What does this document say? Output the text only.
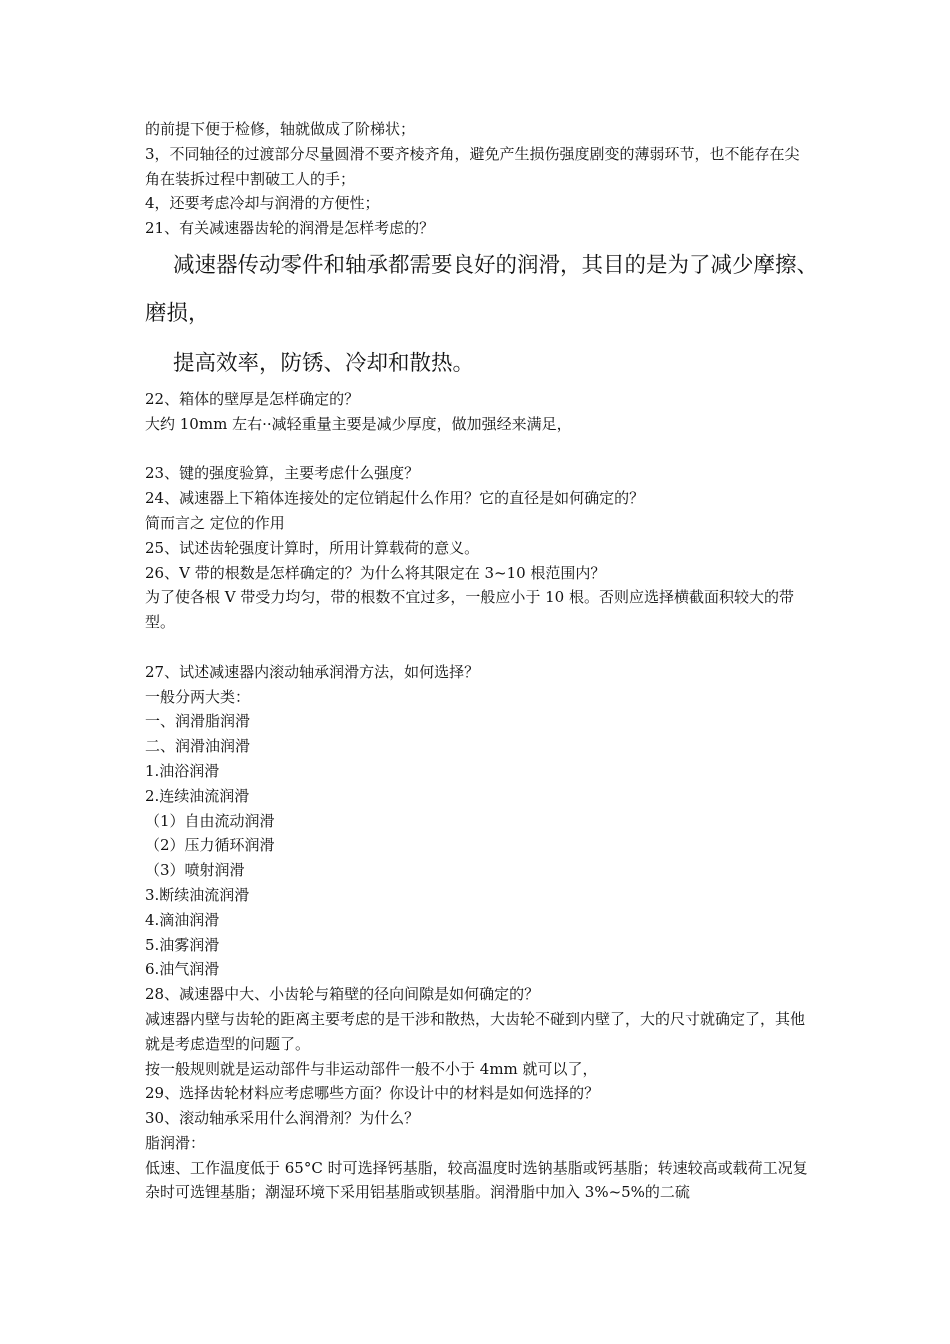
的前提下便于检修，轴就做成了阶梯状；
3，不同轴径的过渡部分尽量圆滑不要齐棱齐角，避免产生损伤强度剧变的薄弱环节，也不能存在尖角在装拆过程中割破工人的手；
4，还要考虑冷却与润滑的方便性；
21、有关减速器齿轮的润滑是怎样考虑的？
减速器传动零件和轴承都需要良好的润滑，其目的是为了减少摩擦、
磨损，
提高效率，防锈、冷却和散热。
22、箱体的壁厚是怎样确定的？
大约 10mm 左右··减轻重量主要是减少厚度，做加强经来满足，
23、键的强度验算，主要考虑什么强度？
24、减速器上下箱体连接处的定位销起什么作用？它的直径是如何确定的？
简而言之 定位的作用
25、试述齿轮强度计算时，所用计算载荷的意义。
26、V 带的根数是怎样确定的？为什么将其限定在 3~10 根范围内？
为了使各根 V 带受力均匀，带的根数不宜过多，一般应小于 10 根。否则应选择横截面积较大的带型。
27、试述减速器内滚动轴承润滑方法，如何选择？
一般分两大类：
一、润滑脂润滑
二、润滑油润滑
1.油浴润滑
2.连续油流润滑
（1）自由流动润滑
（2）压力循环润滑
（3）喷射润滑
3.断续油流润滑
4.滴油润滑
5.油雾润滑
6.油气润滑
28、减速器中大、小齿轮与箱壁的径向间隙是如何确定的？
减速器内壁与齿轮的距离主要考虑的是干涉和散热，大齿轮不碰到内壁了，大的尺寸就确定了，其他就是考虑造型的问题了。
按一般规则就是运动部件与非运动部件一般不小于 4mm 就可以了，
29、选择齿轮材料应考虑哪些方面？你设计中的材料是如何选择的？
30、滚动轴承采用什么润滑剂？为什么？
脂润滑：
低速、工作温度低于 65°C 时可选择钙基脂，较高温度时选钠基脂或钙基脂；转速较高或载荷工况复杂时可选锂基脂；潮湿环境下采用铝基脂或钡基脂。润滑脂中加入 3%~5%的二硫
